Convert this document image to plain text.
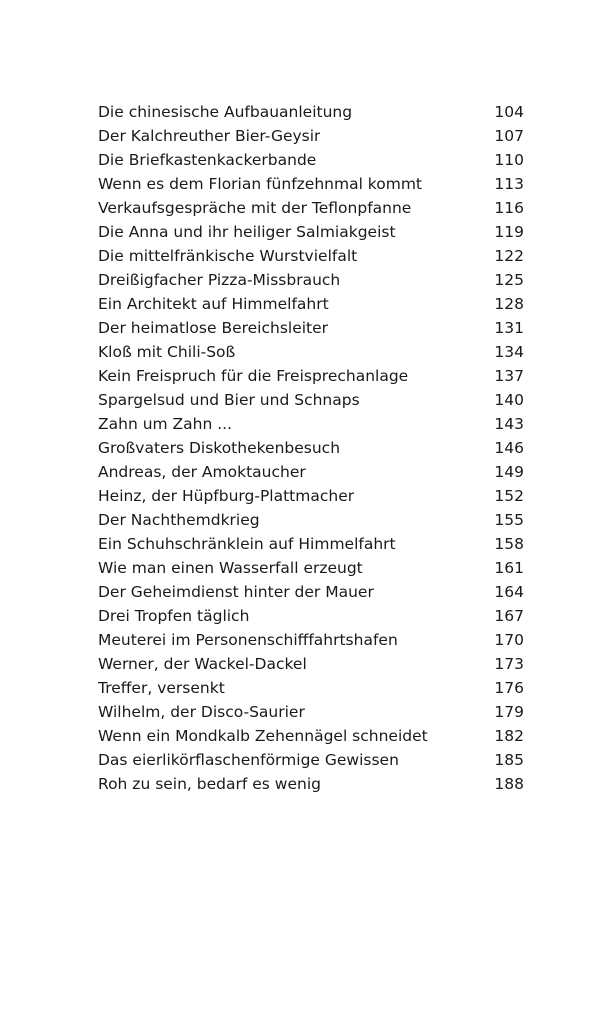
Die chinesische Aufbauanleitung	104
Der Kalchreuther Bier-Geysir	107
Die Briefkastenkackerbande	110
Wenn es dem Florian fünfzehnmal kommt	113
Verkaufsgespräche mit der Teflonpfanne	116
Die Anna und ihr heiliger Salmiakgeist	119
Die mittelfränkische Wurstvielfalt	122
Dreißigfacher Pizza-Missbrauch	125
Ein Architekt auf Himmelfahrt	128
Der heimatlose Bereichsleiter	131
Kloß mit Chili-Soß	134
Kein Freispruch für die Freisprechanlage	137
Spargelsud und Bier und Schnaps	140
Zahn um Zahn ...	143
Großvaters Diskothekenbesuch	146
Andreas, der Amoktaucher	149
Heinz, der Hüpfburg-Plattmacher	152
Der Nachthemdkrieg	155
Ein Schuhschränklein auf Himmelfahrt	158
Wie man einen Wasserfall erzeugt	161
Der Geheimdienst hinter der Mauer	164
Drei Tropfen täglich	167
Meuterei im Personenschifffahrtshafen	170
Werner, der Wackel-Dackel	173
Treffer, versenkt	176
Wilhelm, der Disco-Saurier	179
Wenn ein Mondkalb Zehennägel schneidet	182
Das eierlikörflaschenförmige Gewissen	185
Roh zu sein, bedarf es wenig	188
